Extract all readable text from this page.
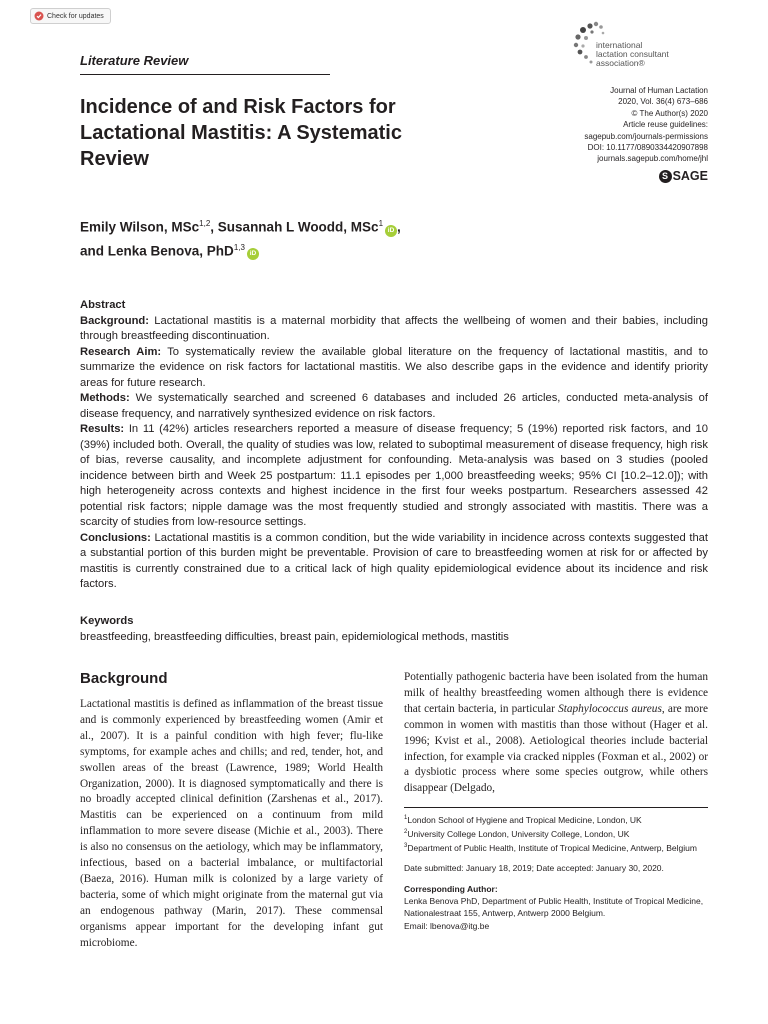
Check for updates
Literature Review
international
lactation consultant
association®
Journal of Human Lactation
2020, Vol. 36(4) 673–686
© The Author(s) 2020
Article reuse guidelines:
sagepub.com/journals-permissions
DOI: 10.1177/0890334420907898
journals.sagepub.com/home/jhl
S SAGE
Incidence of and Risk Factors for Lactational Mastitis: A Systematic Review
Emily Wilson, MSc$^{1,2}$, Susannah L Woodd, MSc$^1$iD ,
and Lenka Benova, PhD$^{1,3}$iD

Abstract

Background: Lactational mastitis is a maternal morbidity that affects the wellbeing of women and their babies, including through breastfeeding discontinuation.

Research Aim: To systematically review the available global literature on the frequency of lactational mastitis, and to summarize the evidence on risk factors for lactational mastitis. We also describe gaps in the evidence and identify priority areas for future research.

Methods: We systematically searched and screened 6 databases and included 26 articles, conducted meta-analysis of disease frequency, and narratively synthesized evidence on risk factors.

Results: In 11 (42%) articles researchers reported a measure of disease frequency; 5 (19%) reported risk factors, and 10 (39%) included both. Overall, the quality of studies was low, related to suboptimal measurement of disease frequency, high risk of bias, reverse causality, and incomplete adjustment for confounding. Meta-analysis was based on 3 studies (pooled incidence between birth and Week 25 postpartum: 11.1 episodes per 1,000 breastfeeding weeks; 95% CI [10.2–12.0]); with high heterogeneity across contexts and highest incidence in the first four weeks postpartum. Researchers assessed 42 potential risk factors; nipple damage was the most frequently studied and strongly associated with mastitis. There was a scarcity of studies from low-resource settings.

Conclusions: Lactational mastitis is a common condition, but the wide variability in incidence across contexts suggested that a substantial portion of this burden might be preventable. Provision of care to breastfeeding women at risk for or affected by mastitis is currently constrained due to a critical lack of high quality epidemiological evidence about its incidence and risk factors.

Keywords

breastfeeding, breastfeeding difficulties, breast pain, epidemiological methods, mastitis

Background

Lactational mastitis is defined as inflammation of the breast tissue and is commonly experienced by breastfeeding women (Amir et al., 2007). It is a painful condition with high fever; flu-like symptoms, for example aches and chills; and red, tender, hot, and swollen areas of the breast (Lawrence, 1989; World Health Organization, 2000). It is diagnosed symptomatically and there is no broadly accepted clinical definition (Zarshenas et al., 2017). Mastitis can be experienced on a continuum from mild inflammation to more severe disease (Michie et al., 2003). There is also no consensus on the aetiology, which may be inflammatory, infectious, based on a bacterial imbalance, or multifactorial (Baeza, 2016). Human milk is colonized by a large variety of bacteria, some of which might originate from the maternal gut via an endogenous pathway (Marin, 2017). These commensal organisms appear important for the developing infant gut microbiome.

Potentially pathogenic bacteria have been isolated from the human milk of healthy breastfeeding women although there is evidence that certain bacteria, in particular Staphylococcus aureus, are more common in women with mastitis than those without (Hager et al. 1996; Kvist et al., 2008). Aetiological theories include bacterial infection, for example via cracked nipples (Foxman et al., 2002) or a dysbiotic process where some species outgrow, while others disappear (Delgado,

$^1$London School of Hygiene and Tropical Medicine, London, UK

$^2$University College London, University College, London, UK

$^3$Department of Public Health, Institute of Tropical Medicine, Antwerp, Belgium

Date submitted: January 18, 2019; Date accepted: January 30, 2020.

Corresponding Author:

Lenka Benova PhD, Department of Public Health, Institute of Tropical Medicine, Nationalestraat 155, Antwerp, Antwerp 2000 Belgium.

Email: lbenova@itg.be
